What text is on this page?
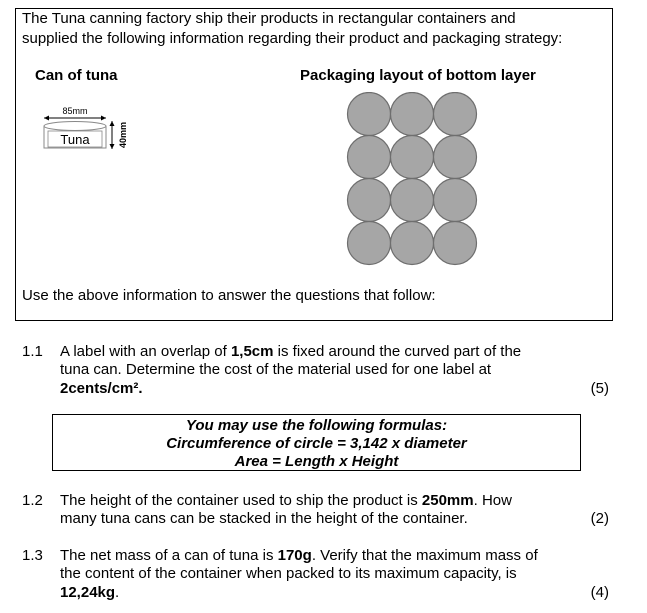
The Tuna canning factory ship their products in rectangular containers and
supplied the following information regarding their product and packaging strategy:
Can of tuna	Packaging layout of bottom layer
85mm
Tuna	40mm
Use the above information to answer the questions that follow:
1.1 A label with an overlap of 1,5cm is fixed around the curved part of the
tuna can. Determine the cost of the material used for one label at
2cents/cm².	(5)
You may use the following formulas:
Circumference of circle = 3,142 x diameter
Area = Length x Height
1.2 The height of the container used to ship the product is 250mm. How
many tuna cans can be stacked in the height of the container.	(2)
1.3 The net mass of a can of tuna is 170g. Verify that the maximum mass of
the content of the container when packed to its maximum capacity, is
12,24kg.	(4)
